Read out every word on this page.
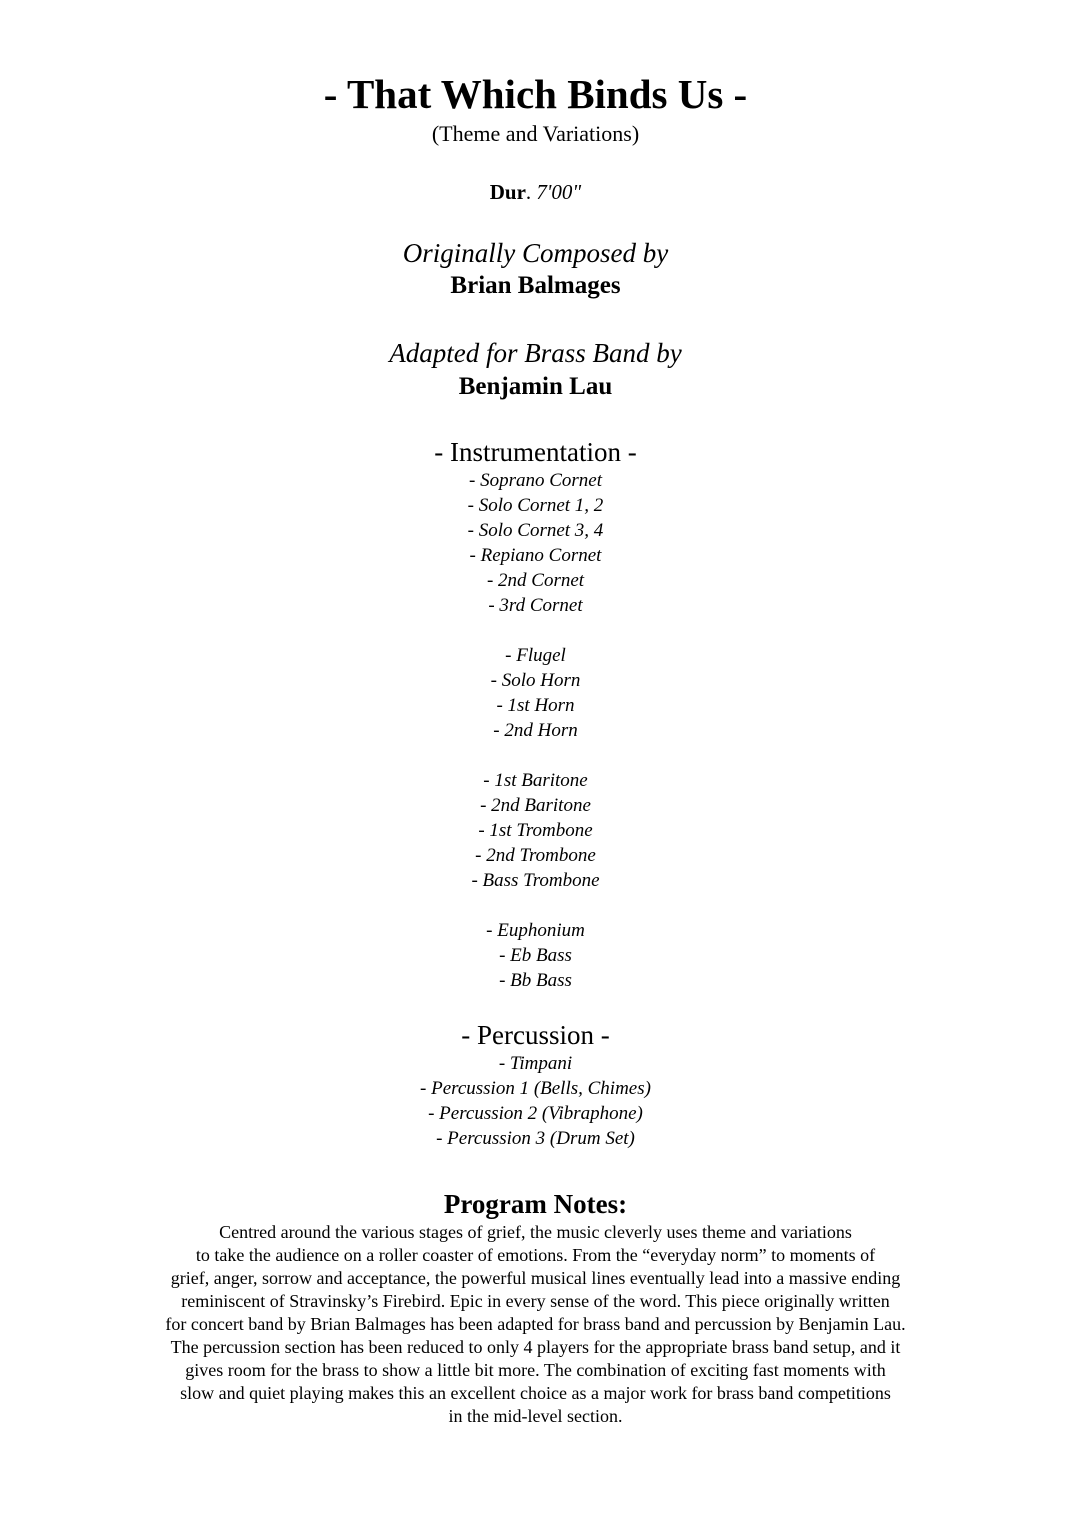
- That Which Binds Us -
(Theme and Variations)
Dur. 7'00"
Originally Composed by
Brian Balmages
Adapted for Brass Band by
Benjamin Lau
- Instrumentation -
- Soprano Cornet
- Solo Cornet 1, 2
- Solo Cornet 3, 4
- Repiano Cornet
- 2nd Cornet
- 3rd Cornet
- Flugel
- Solo Horn
- 1st Horn
- 2nd Horn
- 1st Baritone
- 2nd Baritone
- 1st Trombone
- 2nd Trombone
- Bass Trombone
- Euphonium
- Eb Bass
- Bb Bass
- Percussion -
- Timpani
- Percussion 1 (Bells, Chimes)
- Percussion 2 (Vibraphone)
- Percussion 3 (Drum Set)
Program Notes:
Centred around the various stages of grief, the music cleverly uses theme and variations
to take the audience on a roller coaster of emotions. From the “everyday norm” to moments of
grief, anger, sorrow and acceptance, the powerful musical lines eventually lead into a massive ending
reminiscent of Stravinsky’s Firebird. Epic in every sense of the word. This piece originally written
for concert band by Brian Balmages has been adapted for brass band and percussion by Benjamin Lau.
The percussion section has been reduced to only 4 players for the appropriate brass band setup, and it
gives room for the brass to show a little bit more. The combination of exciting fast moments with
slow and quiet playing makes this an excellent choice as a major work for brass band competitions
in the mid-level section.
